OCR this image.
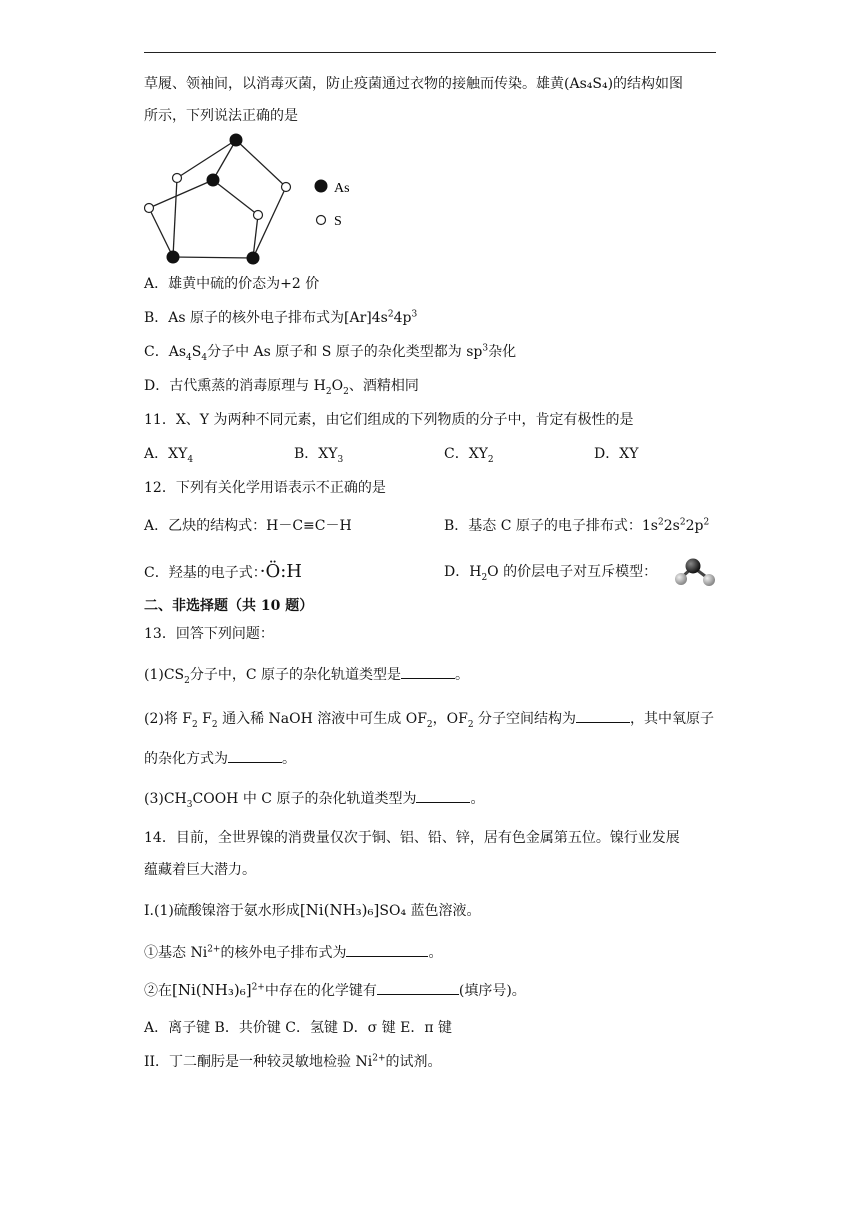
草履、领袖间，以消毒灭菌，防止疫菌通过衣物的接触而传染。雄黄(As₄S₄)的结构如图
所示，下列说法正确的是
As
S
A．雄黄中硫的价态为+2 价
B．As 原子的核外电子排布式为$[Ar]4s^24p^3$
C．$As_4S_4$分子中 As 原子和 S 原子的杂化类型都为 $sp^3$杂化
D．古代熏蒸的消毒原理与 $H_2O_2$、酒精相同
11．X、Y 为两种不同元素，由它们组成的下列物质的分子中，肯定有极性的是
A．$XY_4$	B．$XY_3$	C．$XY_2$	D．XY
12．下列有关化学用语表示不正确的是
A．乙炔的结构式：H－C≡C－H	B．基态 C 原子的电子排布式：$1s^22s^22p^2$
C．羟基的电子式：·Ö:H	D．$H_2O$ 的价层电子对互斥模型：
二、非选择题（共 10 题）
13．回答下列问题：
$(1)CS_2$分子中，C 原子的杂化轨道类型是	。
(2)将 $F_2$ $F_2$ 通入稀 NaOH 溶液中可生成 $OF_2$，$OF_2$ 分子空间结构为	，其中氧原子
的杂化方式为	。
$(3)CH_3COOH$ 中 C 原子的杂化轨道类型为	。
14．目前，全世界镍的消费量仅次于铜、铝、铅、锌，居有色金属第五位。镍行业发展
蕴藏着巨大潜力。
I.(1)硫酸镍溶于氨水形成[Ni(NH₃)₆]SO₄ 蓝色溶液。
①基态 $Ni^{2+}$的核外电子排布式为	。
②在$[Ni(NH_3)_6]^{2+}$中存在的化学键有	(填序号)。
A．离子键 B．共价键 C．氢键 D．σ 键 E．π 键
II．丁二酮肟是一种较灵敏地检验 $Ni^{2+}$的试剂。
